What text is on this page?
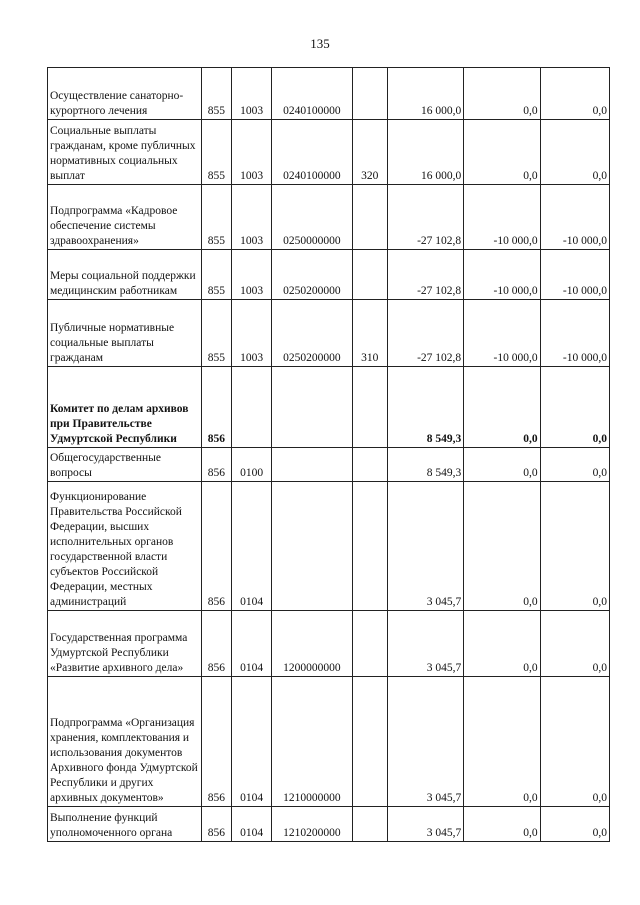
135
Осуществление санаторно-курортного лечения	855	1003	0240100000		16 000,0	0,0	0,0
Социальные выплаты гражданам, кроме публичных нормативных социальных выплат	855	1003	0240100000	320	16 000,0	0,0	0,0
Подпрограмма «Кадровое обеспечение системы здравоохранения»	855	1003	0250000000		-27 102,8	-10 000,0	-10 000,0
Меры социальной поддержки медицинским работникам	855	1003	0250200000		-27 102,8	-10 000,0	-10 000,0
Публичные нормативные социальные выплаты гражданам	855	1003	0250200000	310	-27 102,8	-10 000,0	-10 000,0
Комитет по делам архивов при Правительстве Удмуртской Республики	856				8 549,3	0,0	0,0
Общегосударственные вопросы	856	0100			8 549,3	0,0	0,0
Функционирование Правительства Российской Федерации, высших исполнительных органов государственной власти субъектов Российской Федерации, местных администраций	856	0104			3 045,7	0,0	0,0
Государственная программа Удмуртской Республики «Развитие архивного дела»	856	0104	1200000000		3 045,7	0,0	0,0
Подпрограмма «Организация хранения, комплектования и использования документов Архивного фонда Удмуртской Республики и других архивных документов»	856	0104	1210000000		3 045,7	0,0	0,0
Выполнение функций уполномоченного органа	856	0104	1210200000		3 045,7	0,0	0,0
